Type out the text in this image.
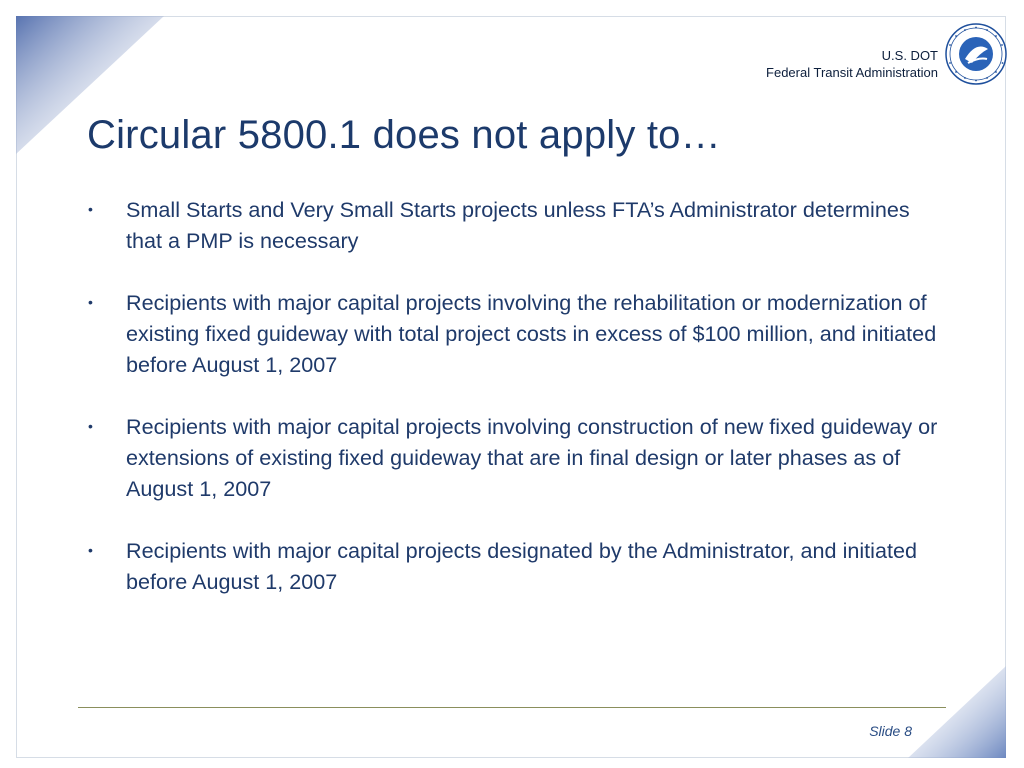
U.S. DOT
Federal Transit Administration
Circular 5800.1 does not apply to…
• Small Starts and Very Small Starts projects unless FTA’s Administrator determines that a PMP is necessary
• Recipients with major capital projects involving the rehabilitation or modernization of existing fixed guideway with total project costs in excess of $100 million, and initiated before August 1, 2007
• Recipients with major capital projects involving construction of new fixed guideway or extensions of existing fixed guideway that are in final design or later phases as of August 1, 2007
• Recipients with major capital projects designated by the Administrator, and initiated before August 1, 2007
Slide 8
